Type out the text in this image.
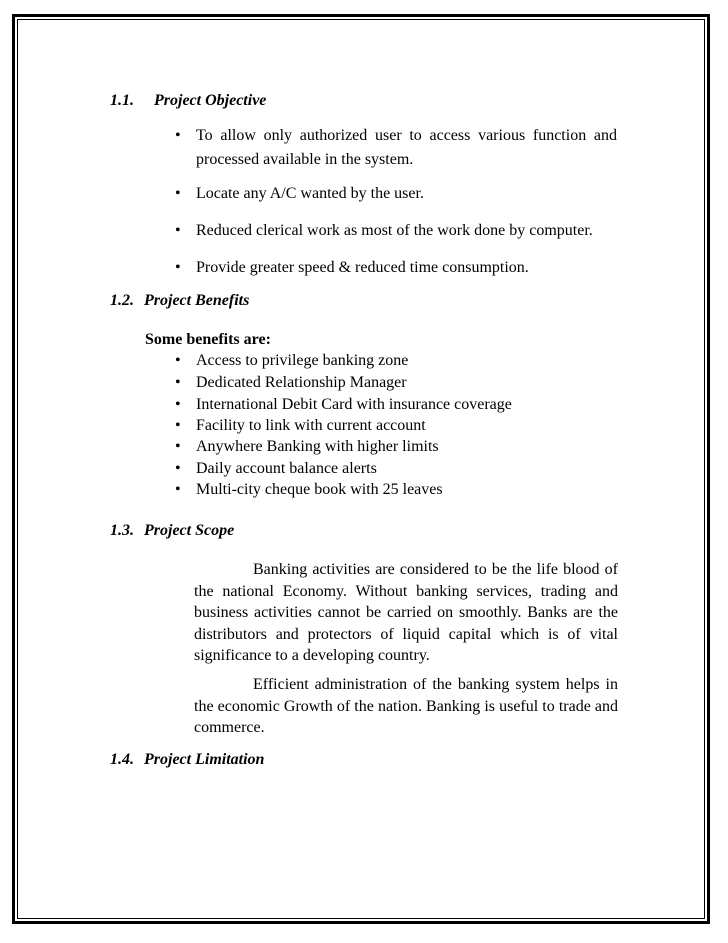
1.1. Project Objective
• To allow only authorized user to access various function and
processed available in the system.
• Locate any A/C wanted by the user.
• Reduced clerical work as most of the work done by computer.
• Provide greater speed & reduced time consumption.
1.2. Project Benefits
Some benefits are:
• Access to privilege banking zone
• Dedicated Relationship Manager
• International Debit Card with insurance coverage
• Facility to link with current account
• Anywhere Banking with higher limits
• Daily account balance alerts
• Multi-city cheque book with 25 leaves
1.3. Project Scope
Banking activities are considered to be the life blood of the national Economy. Without banking services, trading and business activities cannot be carried on smoothly. Banks are the distributors and protectors of liquid capital which is of vital significance to a developing country.
Efficient administration of the banking system helps in the economic Growth of the nation. Banking is useful to trade and commerce.
1.4. Project Limitation
